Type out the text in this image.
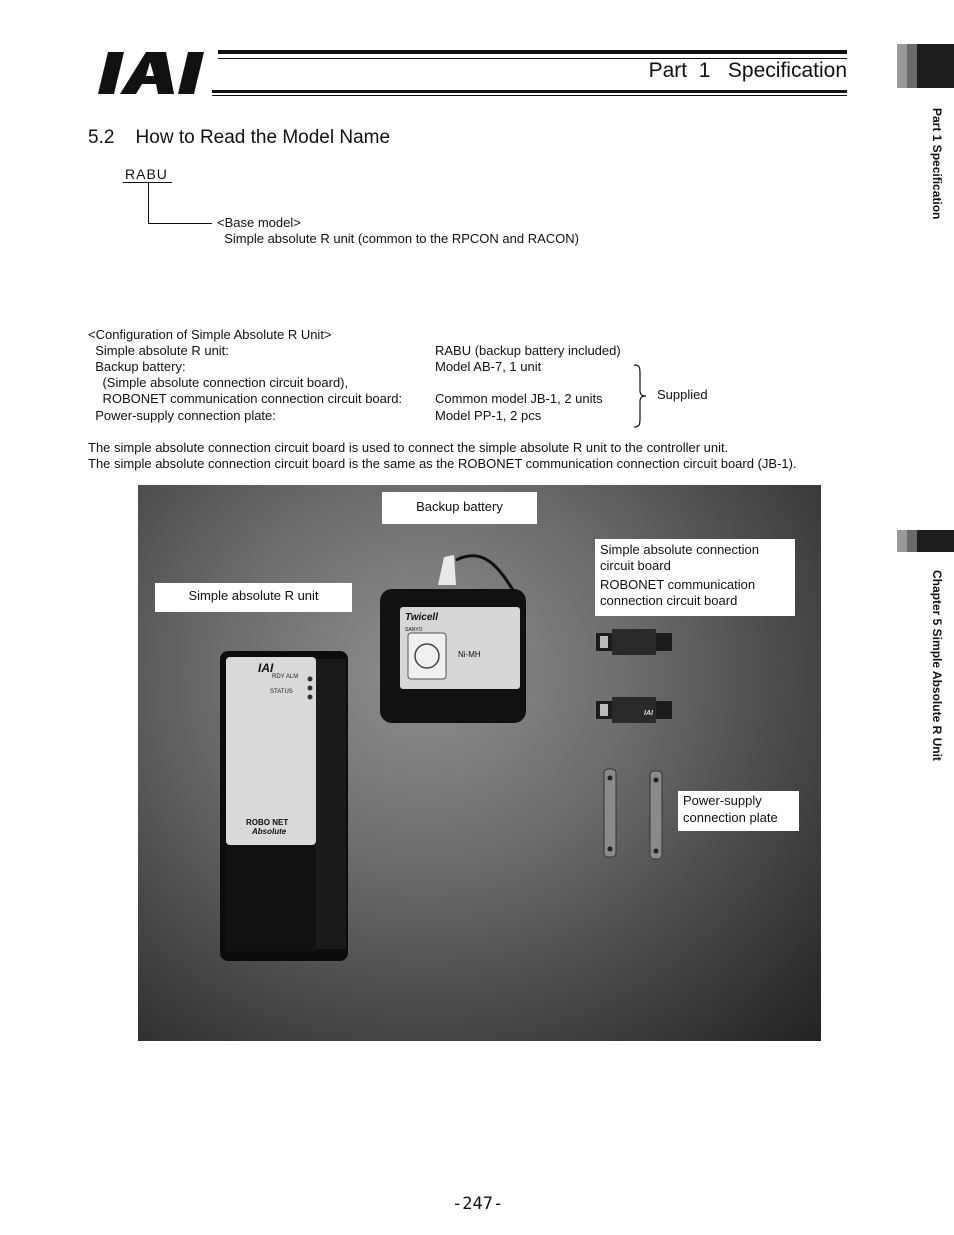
Part  1   Specification
Part 1 Specification
Chapter 5 Simple Absolute R Unit
5.2    How to Read the Model Name
RABU
<Base model>
Simple absolute R unit (common to the RPCON and RACON)
<Configuration of Simple Absolute R Unit>
Simple absolute R unit:	RABU (backup battery included)
Backup battery:	Model AB-7, 1 unit
(Simple absolute connection circuit board),
ROBONET communication connection circuit board:	Common model JB-1, 2 units
Power-supply connection plate:	Model PP-1, 2 pcs
Supplied
The simple absolute connection circuit board is used to connect the simple absolute R unit to the controller unit.
The simple absolute connection circuit board is the same as the ROBONET communication connection circuit board (JB-1).
IAI
RDY ALM
STATUS
ROBO NET
Absolute
Twicell
SANYO
Ni-MH
IAI
Backup battery
Simple absolute R unit
Simple absolute connection
circuit board
ROBONET communication
connection circuit board
Power-supply
connection plate
-247-
